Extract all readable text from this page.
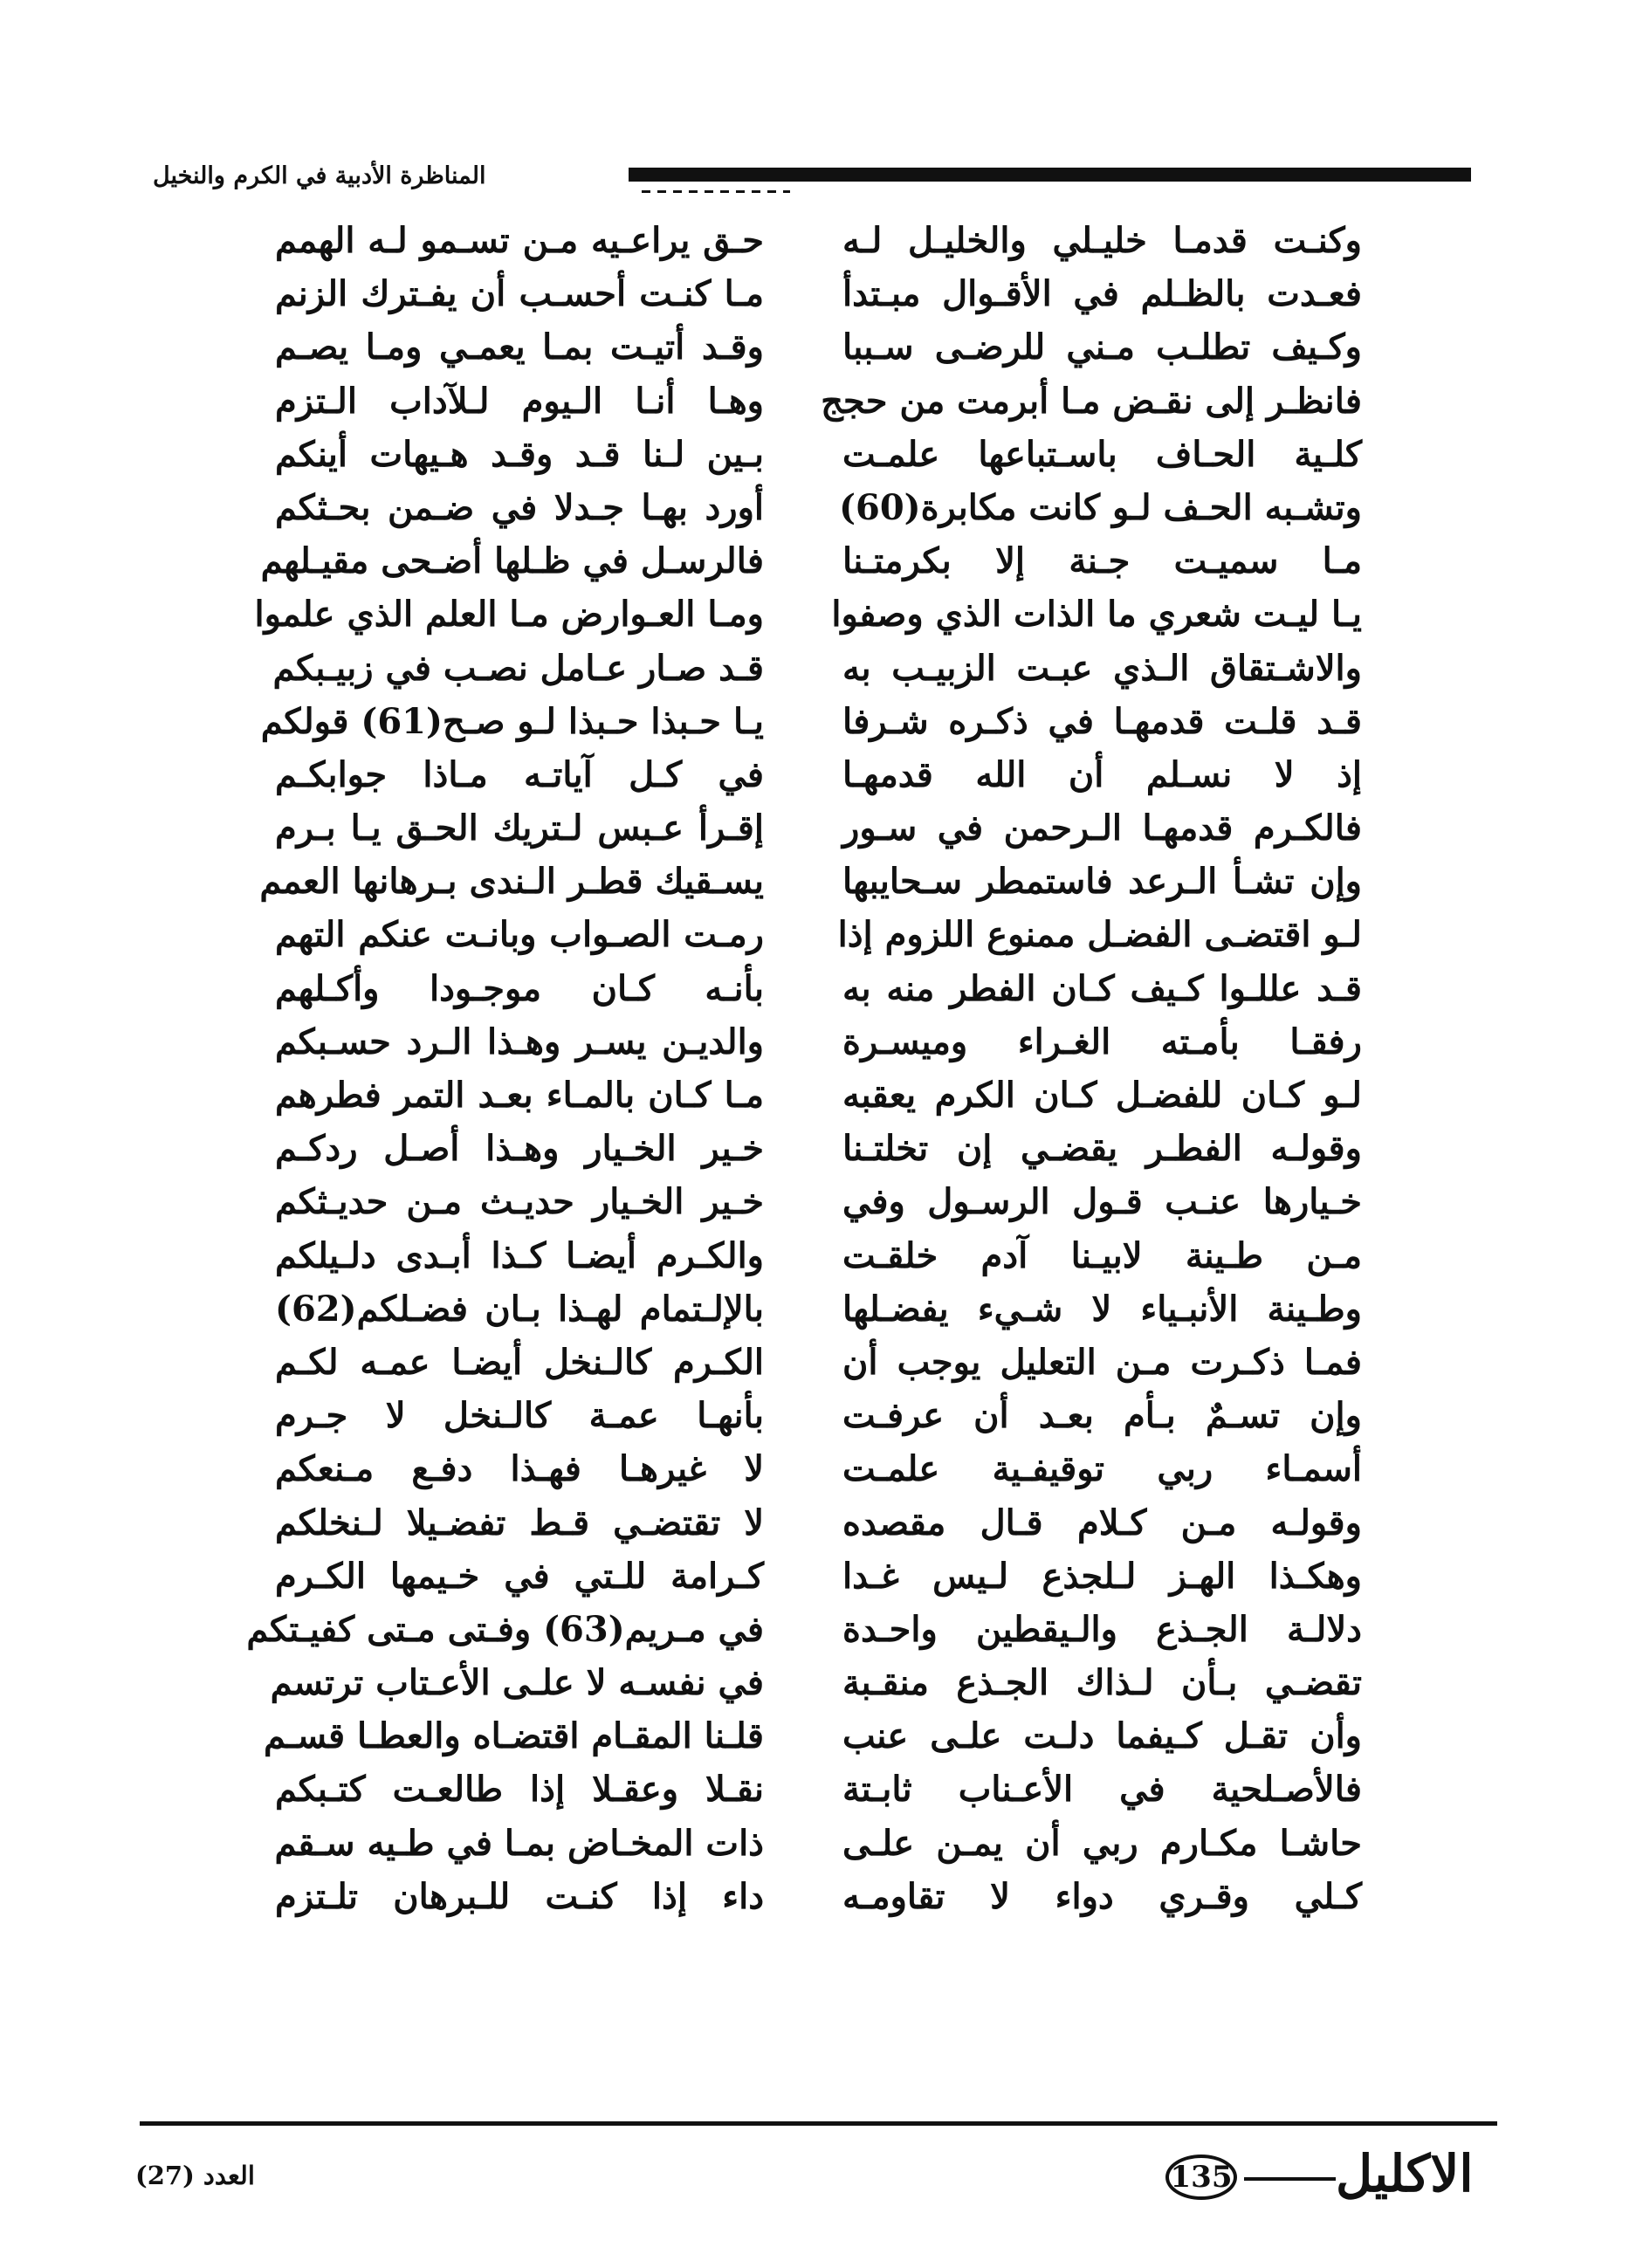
المناظرة الأدبية في الكرم والنخيل
وكنـت قدمـا خليـلي والخليـل لـه
فعـدت بالظـلم في الأقـوال مبـتدأ
وكـيف تطلـب مـني للرضـى سـببا
فانظـر إلى نقـض مـا أبرمت من حجج
كلـية الحـاف باسـتباعها علمـت
وتشـبه الحـف لـو كانت مكابرة(60)
مـا سميـت جـنة إلا بكرمتـنا
يـا ليـت شعري ما الذات الذي وصفوا
والاشـتقاق الـذي عبـت الزبيـب به
قـد قلـت قدمهـا في ذكـره شـرفا
إذ لا نسـلم أن الله قدمهـا
فالكـرم قدمهـا الـرحمن في سـور
وإن تشـأ الـرعد فاستمطر سـحايبها
لـو اقتضـى الفضـل ممنوع اللزوم إذا
قـد عللـوا كـيف كـان الفطر منه به
رفقـا بأمـته الغـراء وميسـرة
لـو كـان للفضـل كـان الكرم يعقبه
وقولـه الفطـر يقضـي إن تخلتـنا
خـيارها عنـب قـول الرسـول وفي
مـن طـينة لابيـنا آدم خلقـت
وطـينة الأنبـياء لا شـيء يفضـلها
فمـا ذكـرت مـن التعليل يوجب أن
وإن تسـمٌ بـأم بعـد أن عرفـت
أسمـاء ربي توقيفـية علمـت
وقولـه مـن كـلام قـال مقصده
وهكـذا الهـز لـلجذع لـيس غـدا
دلالـة الجـذع والـيقطين واحـدة
تقضـي بـأن لـذاك الجـذع منقـبة
وأن تقـل كـيفما دلـت علـى عنب
فالأصـلحية في الأعـناب ثابـتة
حاشـا مكـارم ربي أن يمـن علـى
كـلي وقـري دواء لا تقاومـه
حـق يراعـيه مـن تسـمو لـه الهمم
مـا كنـت أحسـب أن يفـترك الزنم
وقـد أتيـت بمـا يعمـي ومـا يصـم
وهـا أنـا الـيوم لـلآداب الـتزم
بـين لـنا قـد وقـد هـيهات أينكم
أورد بهـا جـدلا في ضـمن بحـثكم
فالرسـل في ظـلها أضـحى مقيـلهم
ومـا العـوارض مـا العلم الذي علموا
قـد صـار عـامل نصـب في زبيـبكم
يـا حـبذا حـبذا لـو صـح(61) قولكم
في كـل آياتـه مـاذا جوابكـم
إقـرأ عـبس لـتريك الحـق يـا بـرم
يسـقيك قطـر الـندى بـرهانها العمم
رمـت الصـواب وبانـت عنكم التهم
بأنـه كـان موجـودا وأكـلهم
والديـن يسـر وهـذا الـرد حسـبكم
مـا كـان بالمـاء بعـد التمر فطرهم
خـير الخـيار وهـذا أصـل ردكـم
خـير الخـيار حديـث مـن حديـثكم
والكـرم أيضـا كـذا أبـدى دلـيلكم
بالإلـتمام لهـذا بـان فضـلكم(62)
الكـرم كالـنخل أيضـا عمـه لكـم
بأنهـا عمـة كالـنخل لا جـرم
لا غيرهـا فهـذا دفـع مـنعكم
لا تقتضـي قـط تفضـيلا لـنخلكم
كـرامة للـتي في خـيمها الكـرم
في مـريم(63) وفـتى مـتى كفيـتكم
في نفسـه لا علـى الأعـتاب ترتسم
قلـنا المقـام اقتضـاه والعطـا قسـم
نقـلا وعقـلا إذا طالعـت كتـبكم
ذات المخـاض بمـا في طـيه سـقم
داء إذا كنـت للـبرهان تلـتزم
العدد (27)	135 الاكليل
